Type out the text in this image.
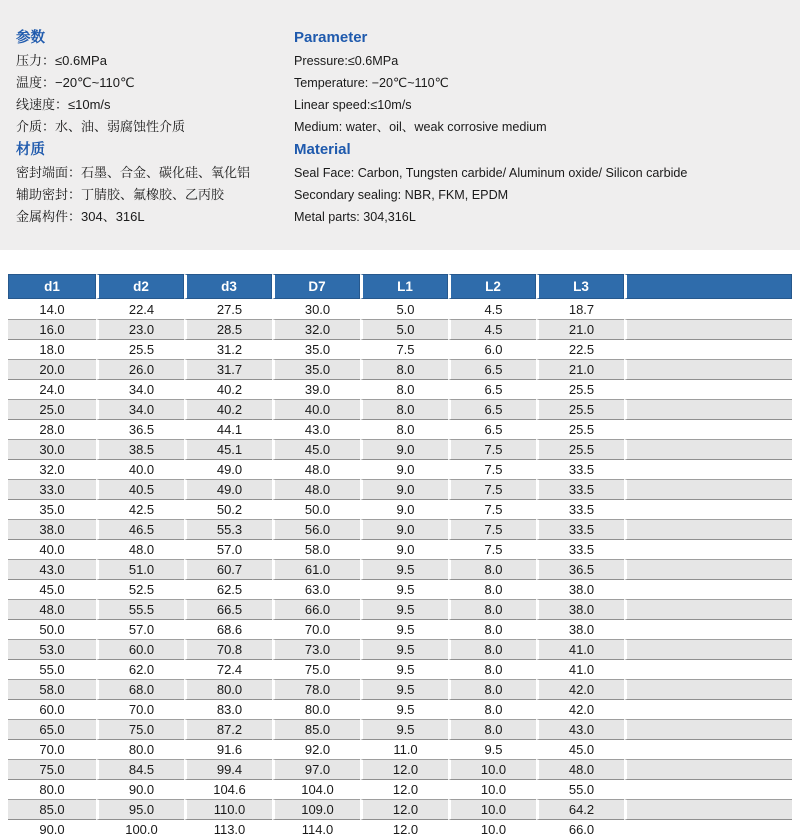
参数
压力：≤0.6MPa
温度：−20℃~110℃
线速度：≤10m/s
介质：水、油、弱腐蚀性介质
材质
密封端面：石墨、合金、碳化硅、氧化铝
辅助密封：丁腈胶、氟橡胶、乙丙胶
金属构件：304、316L
Parameter
Pressure:≤0.6MPa
Temperature: −20℃~110℃
Linear speed:≤10m/s
Medium: water、oil、weak corrosive medium
Material
Seal Face: Carbon, Tungsten carbide/ Aluminum oxide/ Silicon carbide
Secondary sealing: NBR, FKM, EPDM
Metal parts: 304,316L
d1	d2	d3	D7	L1	L2	L3	
14.0	22.4	27.5	30.0	5.0	4.5	18.7	
16.0	23.0	28.5	32.0	5.0	4.5	21.0	
18.0	25.5	31.2	35.0	7.5	6.0	22.5	
20.0	26.0	31.7	35.0	8.0	6.5	21.0	
24.0	34.0	40.2	39.0	8.0	6.5	25.5	
25.0	34.0	40.2	40.0	8.0	6.5	25.5	
28.0	36.5	44.1	43.0	8.0	6.5	25.5	
30.0	38.5	45.1	45.0	9.0	7.5	25.5	
32.0	40.0	49.0	48.0	9.0	7.5	33.5	
33.0	40.5	49.0	48.0	9.0	7.5	33.5	
35.0	42.5	50.2	50.0	9.0	7.5	33.5	
38.0	46.5	55.3	56.0	9.0	7.5	33.5	
40.0	48.0	57.0	58.0	9.0	7.5	33.5	
43.0	51.0	60.7	61.0	9.5	8.0	36.5	
45.0	52.5	62.5	63.0	9.5	8.0	38.0	
48.0	55.5	66.5	66.0	9.5	8.0	38.0	
50.0	57.0	68.6	70.0	9.5	8.0	38.0	
53.0	60.0	70.8	73.0	9.5	8.0	41.0	
55.0	62.0	72.4	75.0	9.5	8.0	41.0	
58.0	68.0	80.0	78.0	9.5	8.0	42.0	
60.0	70.0	83.0	80.0	9.5	8.0	42.0	
65.0	75.0	87.2	85.0	9.5	8.0	43.0	
70.0	80.0	91.6	92.0	11.0	9.5	45.0	
75.0	84.5	99.4	97.0	12.0	10.0	48.0	
80.0	90.0	104.6	104.0	12.0	10.0	55.0	
85.0	95.0	110.0	109.0	12.0	10.0	64.2	
90.0	100.0	113.0	114.0	12.0	10.0	66.0	
